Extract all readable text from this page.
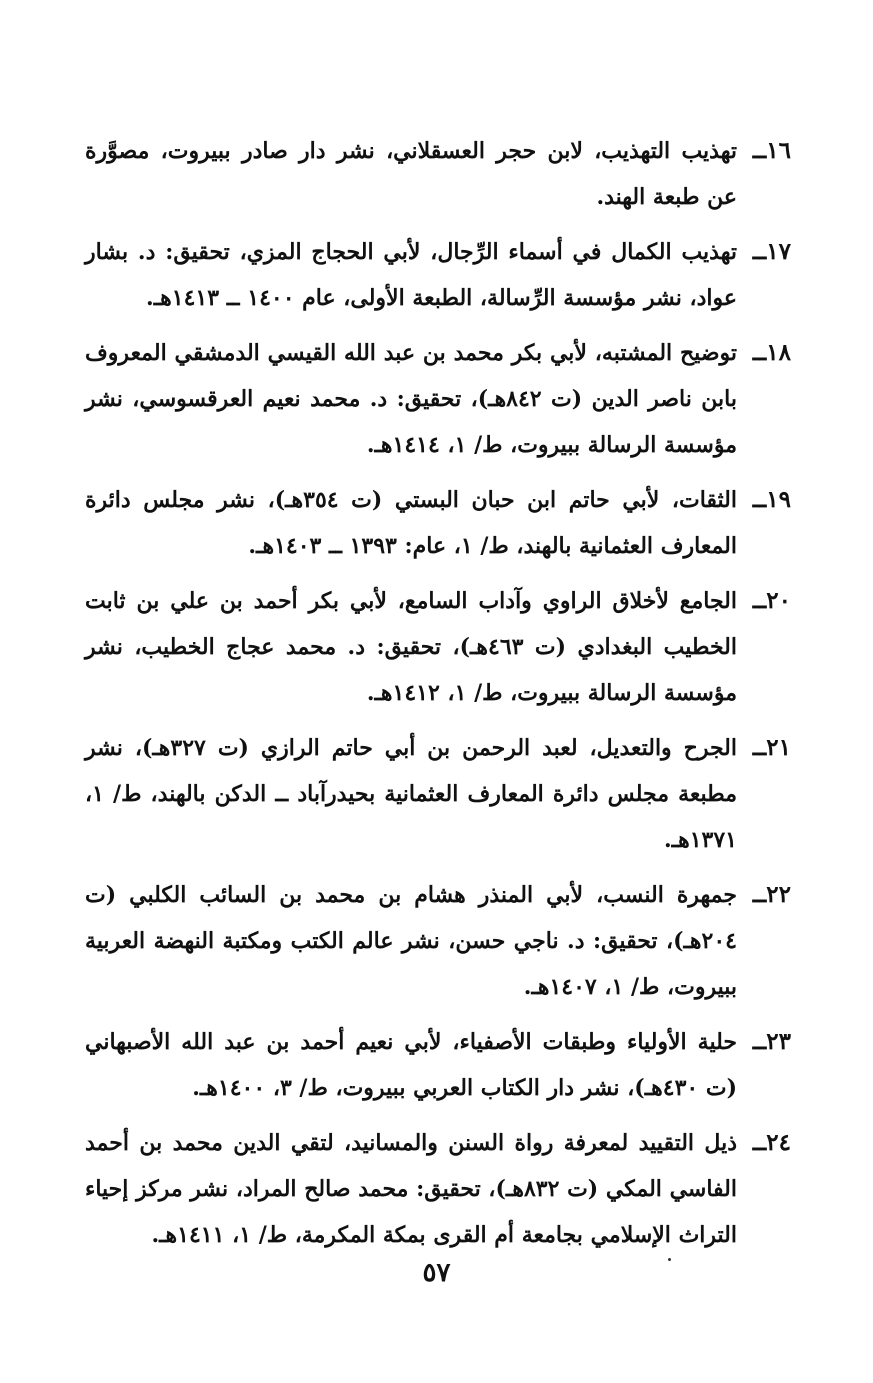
١٦ــ
تهذيب التهذيب، لابن حجر العسقلاني، نشر دار صادر ببيروت، مصوَّرة عن طبعة الهند.
١٧ــ
تهذيب الكمال في أسماء الرِّجال، لأبي الحجاج المزي، تحقيق: د. بشار عواد، نشر مؤسسة الرِّسالة، الطبعة الأولى، عام ١٤٠٠ ــ ١٤١٣هـ.
١٨ــ
توضيح المشتبه، لأبي بكر محمد بن عبد الله القيسي الدمشقي المعروف بابن ناصر الدين (ت ٨٤٢هـ)، تحقيق: د. محمد نعيم العرقسوسي، نشر مؤسسة الرسالة ببيروت، ط/ ١، ١٤١٤هـ.
١٩ــ
الثقات، لأبي حاتم ابن حبان البستي (ت ٣٥٤هـ)، نشر مجلس دائرة المعارف العثمانية بالهند، ط/ ١، عام: ١٣٩٣ ــ ١٤٠٣هـ.
٢٠ــ
الجامع لأخلاق الراوي وآداب السامع، لأبي بكر أحمد بن علي بن ثابت الخطيب البغدادي (ت ٤٦٣هـ)، تحقيق: د. محمد عجاج الخطيب، نشر مؤسسة الرسالة ببيروت، ط/ ١، ١٤١٢هـ.
٢١ــ
الجرح والتعديل، لعبد الرحمن بن أبي حاتم الرازي (ت ٣٢٧هـ)، نشر مطبعة مجلس دائرة المعارف العثمانية بحيدرآباد ــ الدكن بالهند، ط/ ١، ١٣٧١هـ.
٢٢ــ
جمهرة النسب، لأبي المنذر هشام بن محمد بن السائب الكلبي (ت ٢٠٤هـ)، تحقيق: د. ناجي حسن، نشر عالم الكتب ومكتبة النهضة العربية ببيروت، ط/ ١، ١٤٠٧هـ.
٢٣ــ
حلية الأولياء وطبقات الأصفياء، لأبي نعيم أحمد بن عبد الله الأصبهاني (ت ٤٣٠هـ)، نشر دار الكتاب العربي ببيروت، ط/ ٣، ١٤٠٠هـ.
٢٤ــ
ذيل التقييد لمعرفة رواة السنن والمسانيد، لتقي الدين محمد بن أحمد الفاسي المكي (ت ٨٣٢هـ)، تحقيق: محمد صالح المراد، نشر مركز إحياء التراث الإسلامي بجامعة أم القرى بمكة المكرمة، ط/ ١، ١٤١١هـ.
٥٧
